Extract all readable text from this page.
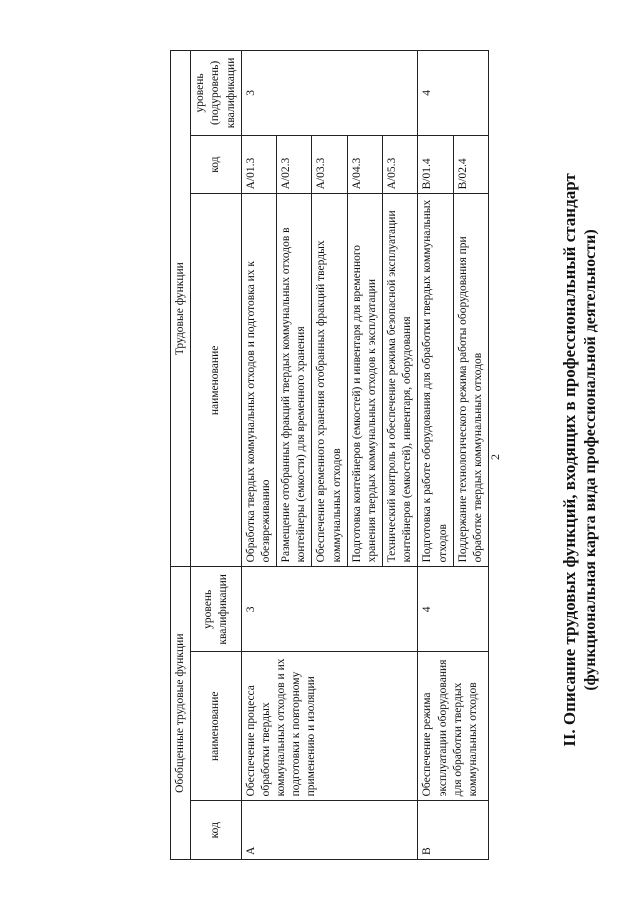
2	II. Описание трудовых функций, входящих в профессиональный стандарт (функциональная карта вида профессиональной деятельности)
Обобщенные трудовые функции			Трудовые функции		
код	наименование	уровень квалификации	наименование	код	уровень (подуровень) квалификации
А	Обеспечение процесса обработки твердых коммунальных отходов и их подготовки к повторному применению и изоляции	3	Обработка твердых коммунальных отходов и подготовка их к обезвреживанию	A/01.3	3
			Размещение отобранных фракций твердых коммунальных отходов в контейнеры (емкости) для временного хранения	A/02.3	
			Обеспечение временного хранения отобранных фракций твердых коммунальных отходов	A/03.3	
			Подготовка контейнеров (емкостей) и инвентаря для временного хранения твердых коммунальных отходов к эксплуатации	A/04.3	
			Технический контроль и обеспечение режима безопасной эксплуатации контейнеров (емкостей), инвентаря, оборудования	A/05.3	
В	Обеспечение режима эксплуатации оборудования для обработки твердых коммунальных отходов	4	Подготовка к работе оборудования для обработки твердых коммунальных отходов	B/01.4	4
			Поддержание технологического режима работы оборудования при обработке твердых коммунальных отходов	B/02.4	
